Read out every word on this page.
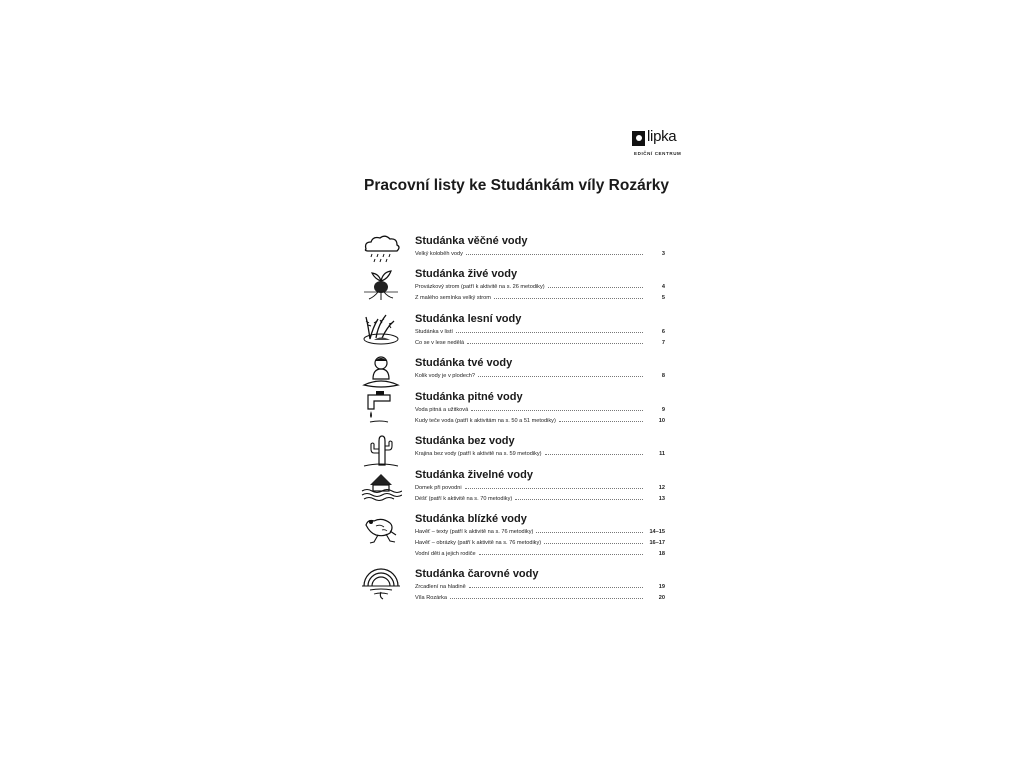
lipka
EDIČNÍ CENTRUM
Pracovní listy ke Studánkám víly Rozárky
Studánka věčné vody
Velký koloběh vody	3
Studánka živé vody
Provázkový strom (patří k aktivitě na s. 26 metodiky)	4
Z malého semínka velký strom	5
Studánka lesní vody
Studánka v listí	6
Co se v lese nedělá	7
Studánka tvé vody
Kolik vody je v plodech?	8
Studánka pitné vody
Voda pitná a užitková	9
Kudy teče voda (patří k aktivitám na s. 50 a 51 metodiky)	10
Studánka bez vody
Krajina bez vody (patří k aktivitě na s. 59 metodiky)	11
Studánka živelné vody
Domek při povodni	12
Déšť (patří k aktivitě na s. 70 metodiky)	13
Studánka blízké vody
Havěť – texty (patří k aktivitě na s. 76 metodiky)	14–15
Havěť – obrázky (patří k aktivitě na s. 76 metodiky)	16–17
Vodní děti a jejich rodiče	18
Studánka čarovné vody
Zrcadlení na hladině	19
Víla Rozárka	20
